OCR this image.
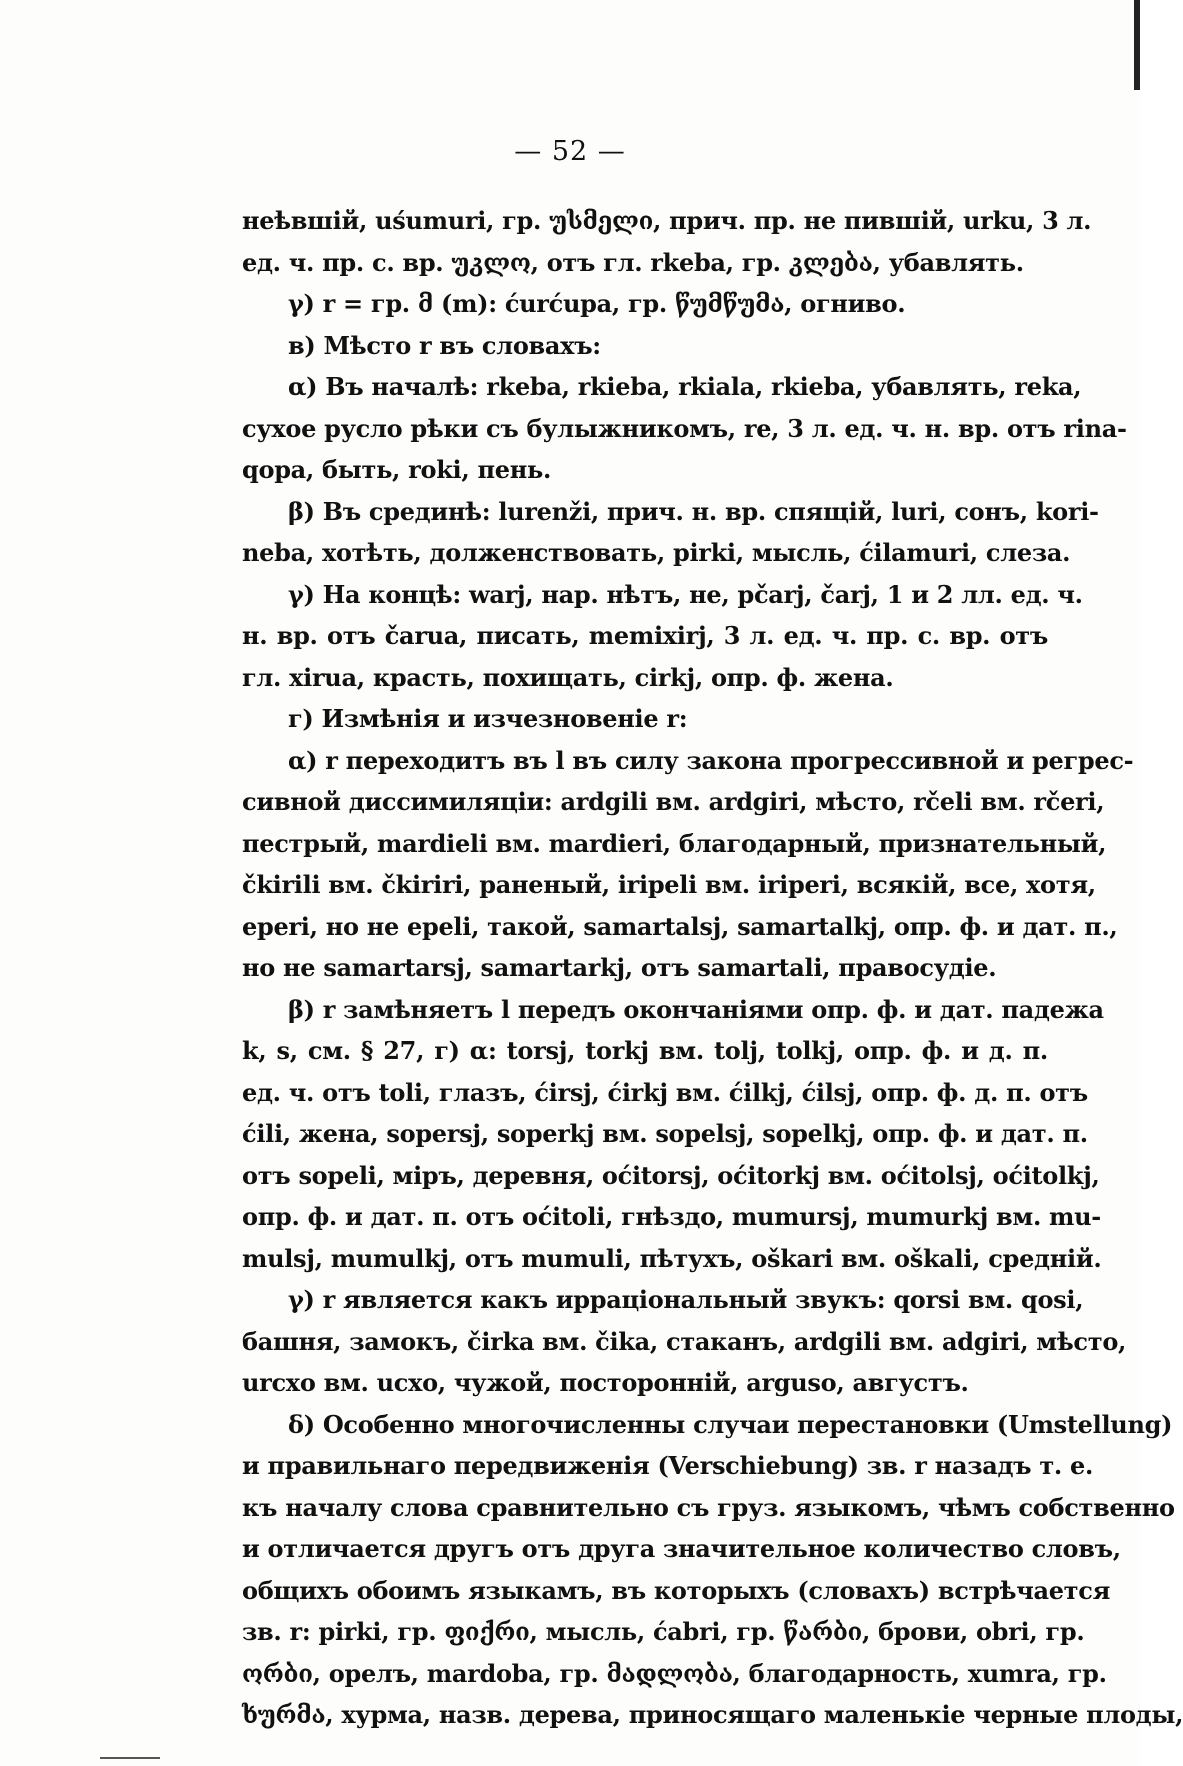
— 52 —
неѣвшій, uśumuri, гр. უსმელი, прич. пр. не пившій, urku, 3 л.
ед. ч. пр. с. вр. უკლო, отъ гл. rkeba, гр. კლება, убавлять.
γ) r = гр. მ (m): ćurćupa, гр. წუმწუმა, огниво.
в) Мѣсто r въ словахъ:
α) Въ началѣ: rkeba, rkieba, rkiala, rkieba, убавлять, reka,
сухое русло рѣки съ булыжникомъ, re, 3 л. ед. ч. н. вр. отъ rina-
qopa, быть, roki, пень.
β) Въ срединѣ: lurenži, прич. н. вр. спящій, luri, сонъ, kori-
neba, хотѣть, долженствовать, pirki, мысль, ćilamuri, слеза.
γ) На концѣ: warj, нар. нѣтъ, не, pčarj, čarj, 1 и 2 лл. ед. ч.
н. вр. отъ čarua, писать, memixirj, 3 л. ед. ч. пр. с. вр. отъ
гл. xirua, красть, похищать, cirkj, опр. ф. жена.
г) Измѣнія и изчезновеніе r:
α) r переходитъ въ l въ силу закона прогрессивной и регрес-
сивной диссимиляціи: ardgili вм. ardgiri, мѣсто, rčeli вм. rčeri,
пестрый, mardieli вм. mardieri, благодарный, признательный,
čkirili вм. čkiriri, раненый, iripeli вм. iriperi, всякій, все, хотя,
eperi, но не epeli, такой, samartalsj, samartalkj, опр. ф. и дат. п.,
но не samartarsj, samartarkj, отъ samartali, правосудіе.
β) r замѣняетъ l передъ окончаніями опр. ф. и дат. падежа
k, s, см. § 27, г) α: torsj, torkj вм. tolj, tolkj, опр. ф. и д. п.
ед. ч. отъ toli, глазъ, ćirsj, ćirkj вм. ćilkj, ćilsj, опр. ф. д. п. отъ
ćili, жена, sopersj, soperkj вм. sopelsj, sopelkj, опр. ф. и дат. п.
отъ sopeli, міръ, деревня, oćitorsj, oćitorkj вм. oćitolsj, oćitolkj,
опр. ф. и дат. п. отъ oćitoli, гнѣздо, mumursj, mumurkj вм. mu-
mulsj, mumulkj, отъ mumuli, пѣтухъ, oškari вм. oškali, средній.
γ) r является какъ ирраціональный звукъ: qorsi вм. qosi,
башня, замокъ, čirka вм. čika, стаканъ, ardgili вм. adgiri, мѣсто,
urcxo вм. ucxo, чужой, посторонній, arguso, августъ.
δ) Особенно многочисленны случаи перестановки (Umstellung)
и правильнаго передвиженія (Verschiebung) зв. r назадъ т. е.
къ началу слова сравнительно съ груз. языкомъ, чѣмъ собственно
и отличается другъ отъ друга значительное количество словъ,
общихъ обоимъ языкамъ, въ которыхъ (словахъ) встрѣчается
зв. r: pirki, гр. ფიქრი, мысль, ćabri, гр. წარბი, брови, obri, гр.
ორბი, орелъ, mardoba, гр. მადლობა, благодарность, xumra, гр.
ხურმა, хурма, назв. дерева, приносящаго маленькіе черные плоды,
